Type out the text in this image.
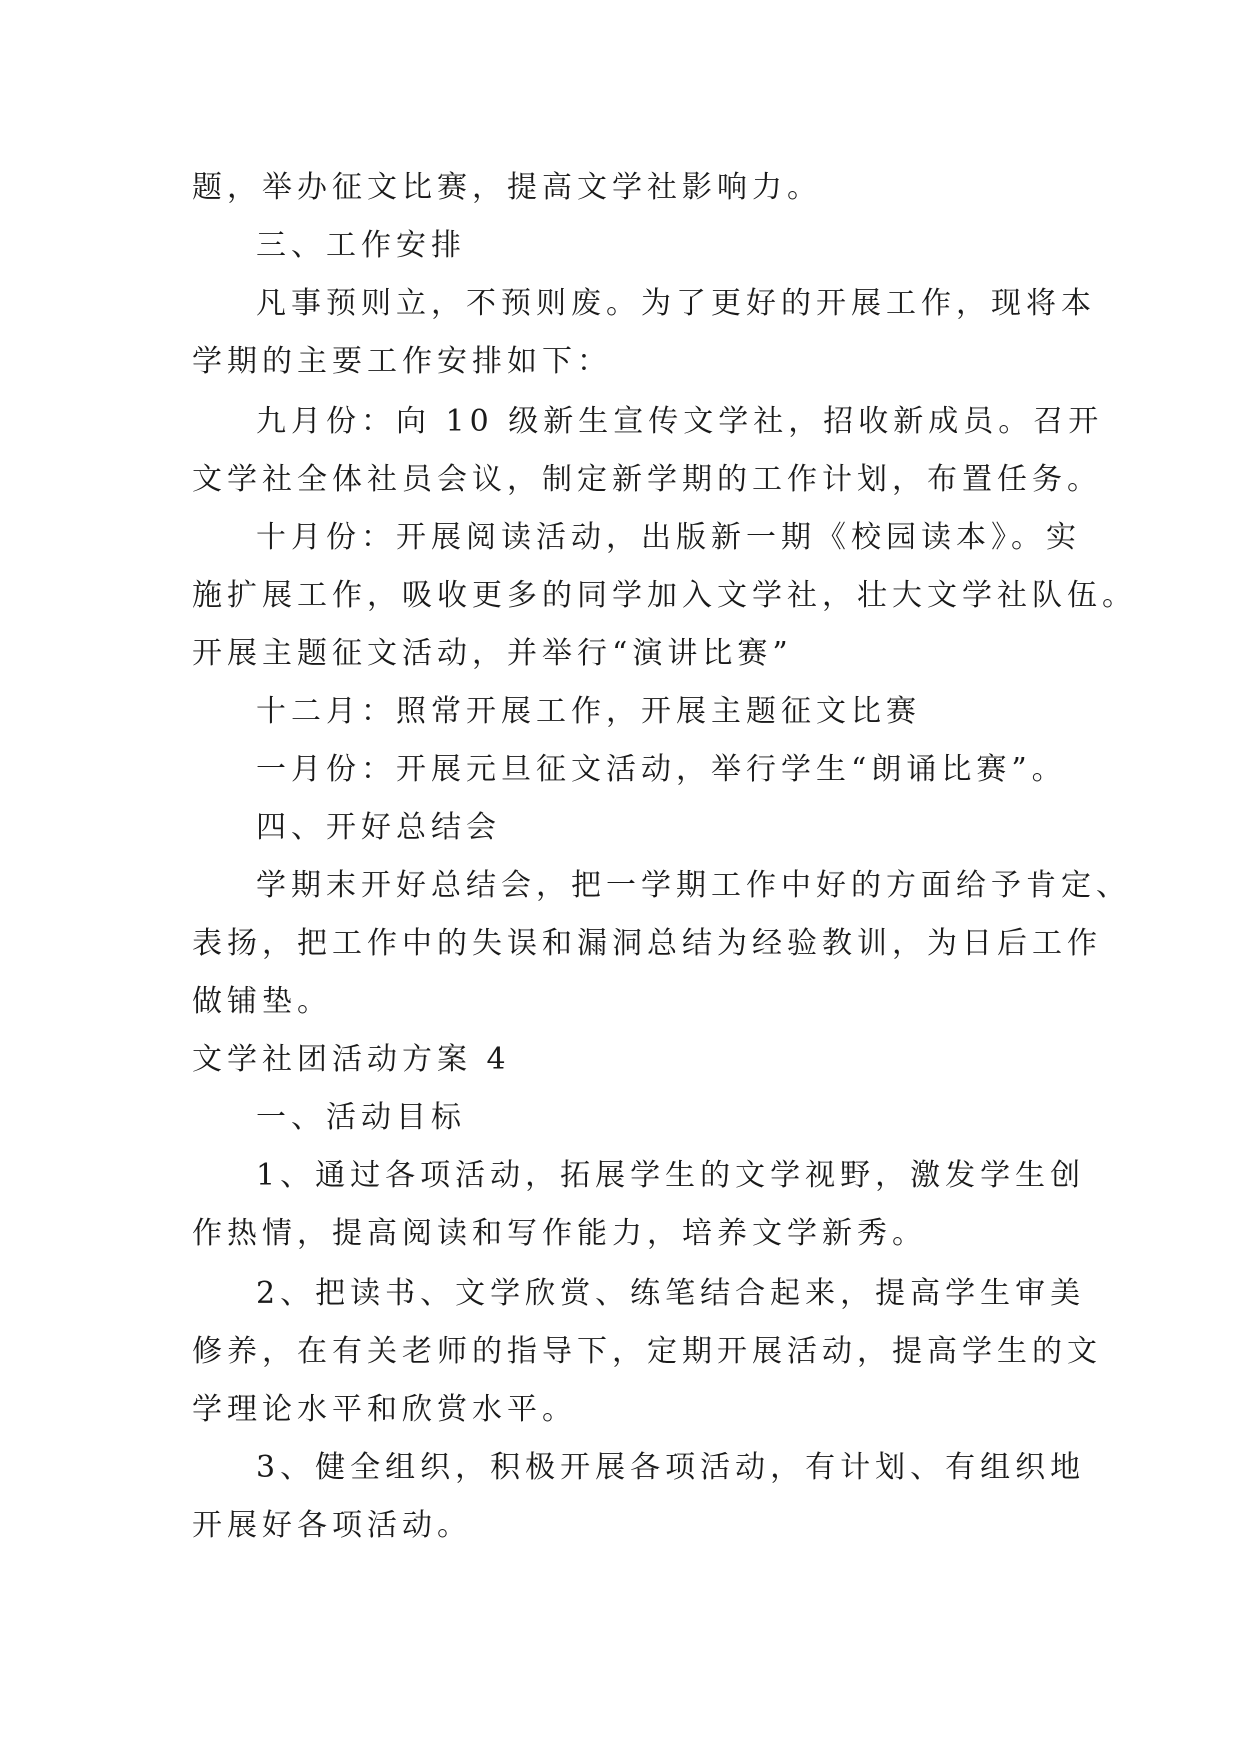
题，举办征文比赛，提高文学社影响力。
三、工作安排
凡事预则立，不预则废。为了更好的开展工作，现将本
学期的主要工作安排如下：
九月份：向 10 级新生宣传文学社，招收新成员。召开
文学社全体社员会议，制定新学期的工作计划，布置任务。
十月份：开展阅读活动，出版新一期《校园读本》。实
施扩展工作，吸收更多的同学加入文学社，壮大文学社队伍。
开展主题征文活动，并举行“演讲比赛”
十二月：照常开展工作，开展主题征文比赛
一月份：开展元旦征文活动，举行学生“朗诵比赛”。
四、开好总结会
学期末开好总结会，把一学期工作中好的方面给予肯定、
表扬，把工作中的失误和漏洞总结为经验教训，为日后工作
做铺垫。
文学社团活动方案 4
一、活动目标
1、通过各项活动，拓展学生的文学视野，激发学生创
作热情，提高阅读和写作能力，培养文学新秀。
2、把读书、文学欣赏、练笔结合起来，提高学生审美
修养，在有关老师的指导下，定期开展活动，提高学生的文
学理论水平和欣赏水平。
3、健全组织，积极开展各项活动，有计划、有组织地
开展好各项活动。
